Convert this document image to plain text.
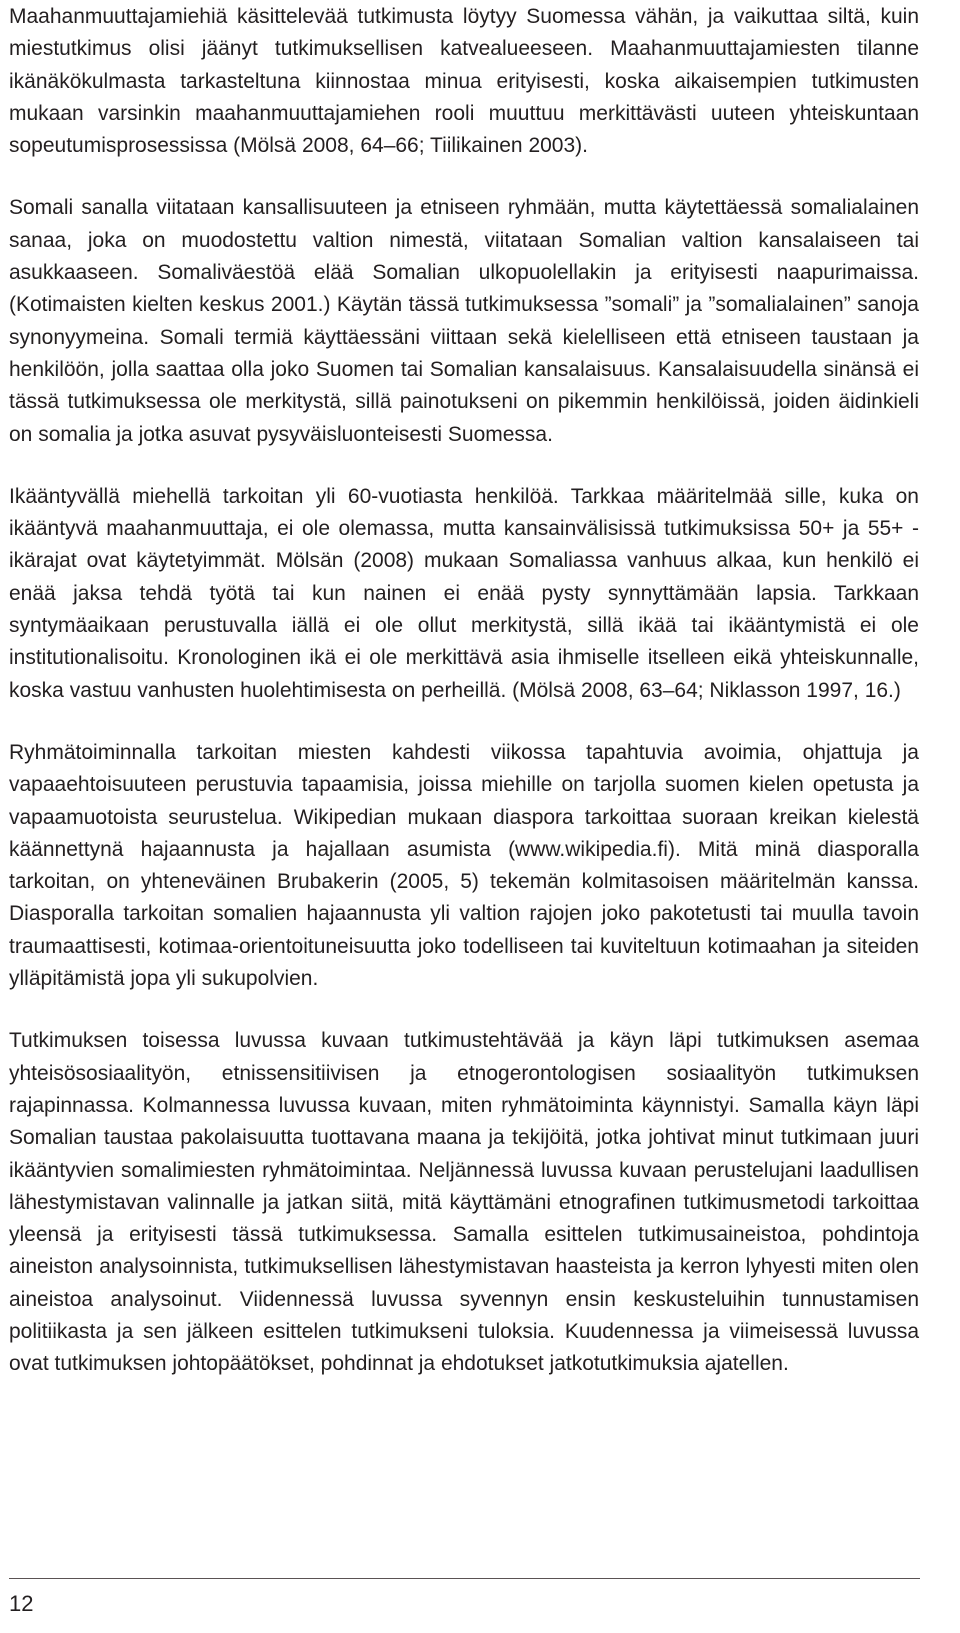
Maahanmuuttajamiehiä käsittelevää tutkimusta löytyy Suomessa vähän, ja vaikuttaa siltä, kuin miestutkimus olisi jäänyt tutkimuksellisen katvealueeseen. Maahanmuuttajamiesten tilanne ikänäkökulmasta tarkasteltuna kiinnostaa minua erityisesti, koska aikaisempien tutkimusten mukaan varsinkin maahanmuuttajamiehen rooli muuttuu merkittävästi uuteen yhteiskuntaan sopeutumisprosessissa (Mölsä 2008, 64–66; Tiilikainen 2003).

Somali sanalla viitataan kansallisuuteen ja etniseen ryhmään, mutta käytettäessä somalialainen sanaa, joka on muodostettu valtion nimestä, viitataan Somalian valtion kansalaiseen tai asukkaaseen. Somaliväestöä elää Somalian ulkopuolellakin ja erityisesti naapurimaissa. (Kotimaisten kielten keskus 2001.) Käytän tässä tutkimuksessa ”somali” ja ”somalialainen” sanoja synonyymeina. Somali termiä käyttäessäni viittaan sekä kielelliseen että etniseen taustaan ja henkilöön, jolla saattaa olla joko Suomen tai Somalian kansalaisuus. Kansalaisuudella sinänsä ei tässä tutkimuksessa ole merkitystä, sillä painotukseni on pikemmin henkilöissä, joiden äidinkieli on somalia ja jotka asuvat pysyväisluonteisesti Suomessa.

Ikääntyvällä miehellä tarkoitan yli 60-vuotiasta henkilöä. Tarkkaa määritelmää sille, kuka on ikääntyvä maahanmuuttaja, ei ole olemassa, mutta kansainvälisissä tutkimuksissa 50+ ja 55+ -ikärajat ovat käytetyimmät. Mölsän (2008) mukaan Somaliassa vanhuus alkaa, kun henkilö ei enää jaksa tehdä työtä tai kun nainen ei enää pysty synnyttämään lapsia. Tarkkaan syntymäaikaan perustuvalla iällä ei ole ollut merkitystä, sillä ikää tai ikääntymistä ei ole institutionalisoitu. Kronologinen ikä ei ole merkittävä asia ihmiselle itselleen eikä yhteiskunnalle, koska vastuu vanhusten huolehtimisesta on perheillä. (Mölsä 2008, 63–64; Niklasson 1997, 16.)

Ryhmätoiminnalla tarkoitan miesten kahdesti viikossa tapahtuvia avoimia, ohjattuja ja vapaaehtoisuuteen perustuvia tapaamisia, joissa miehille on tarjolla suomen kielen opetusta ja vapaamuotoista seurustelua. Wikipedian mukaan diaspora tarkoittaa suoraan kreikan kielestä käännettynä hajaannusta ja hajallaan asumista (www.wikipedia.fi). Mitä minä diasporalla tarkoitan, on yhteneväinen Brubakerin (2005, 5) tekemän kolmitasoisen määritelmän kanssa. Diasporalla tarkoitan somalien hajaannusta yli valtion rajojen joko pakotetusti tai muulla tavoin traumaattisesti, kotimaa-orientoituneisuutta joko todelliseen tai kuviteltuun kotimaahan ja siteiden ylläpitämistä jopa yli sukupolvien.

Tutkimuksen toisessa luvussa kuvaan tutkimustehtävää ja käyn läpi tutkimuksen asemaa yhteisösosiaalityön, etnissensitiivisen ja etnogerontologisen sosiaalityön tutkimuksen rajapinnassa. Kolmannessa luvussa kuvaan, miten ryhmätoiminta käynnistyi. Samalla käyn läpi Somalian taustaa pakolaisuutta tuottavana maana ja tekijöitä, jotka johtivat minut tutkimaan juuri ikääntyvien somalimiesten ryhmätoimintaa. Neljännessä luvussa kuvaan perustelujani laadullisen lähestymistavan valinnalle ja jatkan siitä, mitä käyttämäni etnografinen tutkimusmetodi tarkoittaa yleensä ja erityisesti tässä tutkimuksessa. Samalla esittelen tutkimusaineistoa, pohdintoja aineiston analysoinnista, tutkimuksellisen lähestymistavan haasteista ja kerron lyhyesti miten olen aineistoa analysoinut. Viidennessä luvussa syvennyn ensin keskusteluihin tunnustamisen politiikasta ja sen jälkeen esittelen tutkimukseni tuloksia. Kuudennessa ja viimeisessä luvussa ovat tutkimuksen johtopäätökset, pohdinnat ja ehdotukset jatkotutkimuksia ajatellen.

12
